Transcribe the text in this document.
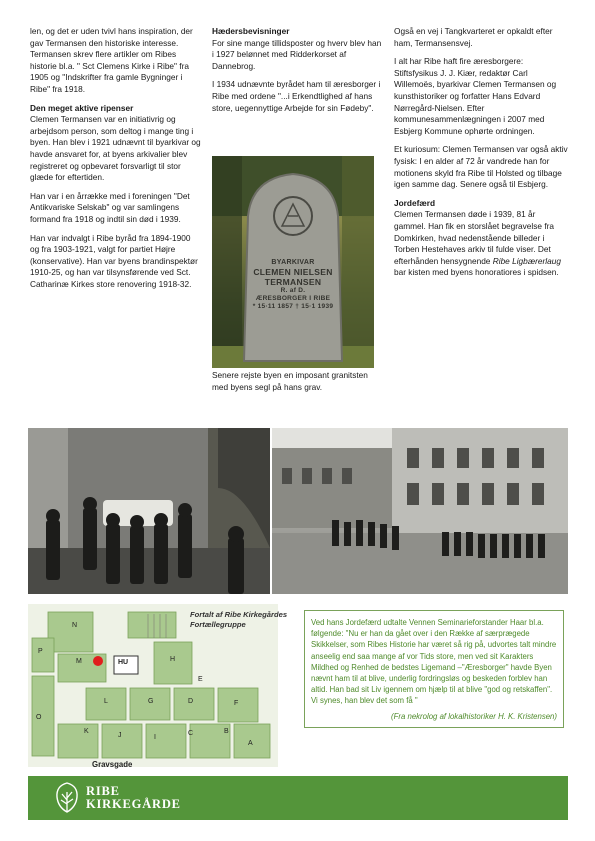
len, og det er uden tvivl hans inspiration, der gav Termansen den historiske interesse. Termansen skrev flere artikler om Ribes historie bl.a. " Sct Clemens Kirke i Ribe" fra 1905 og "Indskrifter fra gamle Bygninger i Ribe" fra 1918.

Den meget aktive ripenser

Clemen Termansen var en initiativrig og arbejdsom person, som deltog i mange ting i byen. Han blev i 1921 udnævnt til byarkivar og havde ansvaret for, at byens arkivalier blev registreret og opbevaret forsvarligt til stor glæde for eftertiden.

Han var i en årrække med i foreningen "Det Antikvariske Selskab" og var samlingens formand fra 1918 og indtil sin død i 1939.

Han var indvalgt i Ribe byråd fra 1894-1900 og fra 1903-1921, valgt for partiet Højre (konservative). Han var byens brandinspektør 1910-25, og han var tilsynsførende ved Sct. Catharinæ Kirkes store renovering 1918-32.

Hædersbevisninger

For sine mange tillidsposter og hverv blev han i 1927 belønnet med Ridderkorset af Dannebrog.

I 1934 udnævnte byrådet ham til æresborger i Ribe med ordene "...i Erkendtlighed af hans store, uegennyttige Arbejde for sin Fødeby".

BYARKIVAR
CLEMEN NIELSEN
TERMANSEN
R. af D.
ÆRESBORGER I RIBE
* 15·11 1857 † 15·1 1939

Senere rejste byen en imposant granitsten med byens segl på hans grav.

Også en vej i Tangkvarteret er opkaldt efter ham, Termansensvej.

I alt har Ribe haft fire æresborgere: Stiftsfysikus J. J. Kiær, redaktør Carl Willemoës, byarkivar Clemen Termansen og kunsthistoriker og forfatter Hans Edvard Nørregård-Nielsen. Efter kommunesammenlægningen i 2007 med Esbjerg Kommune ophørte ordningen.

Et kuriosum: Clemen Termansen var også aktiv fysisk: I en alder af 72 år vandrede han for motionens skyld fra Ribe til Holsted og tilbage igen samme dag. Senere også til Esbjerg.

Jordefærd

Clemen Termansen døde i 1939, 81 år gammel. Han fik en storslået begravelse fra Domkirken, hvad nedenstående billeder i Torben Hestehaves arkiv til fulde viser. Det efterhånden hensygnende Ribe Ligbærerlaug bar kisten med byens honoratiores i spidsen.

N
P
M	HU	H
E
L	G	D	F
K	C	B
O
J	I
A

Fortalt af Ribe Kirkegårdes Fortællegruppe

Gravsgade

Ved hans Jordefærd udtalte Vennen Seminarieforstander Haar bl.a. følgende: "Nu er han da gået over i den Række af særprægede Skikkelser, som Ribes Historie har været så rig på, udvortes talt mindre anseelig end saa mange af vor Tids store, men ved sit Karakters Mildhed og Renhed de bedstes Ligemand –"Æresborger" havde Byen nævnt ham til at blive, underlig fordringsløs og beskeden forblev han altid. Han bad sit Liv igennem om hjælp til at blive "god og retskaffen". Vi synes, han blev det som få "

(Fra nekrolog af lokalhistoriker H. K. Kristensen)

RIBE
KIRKEGÅRDE
